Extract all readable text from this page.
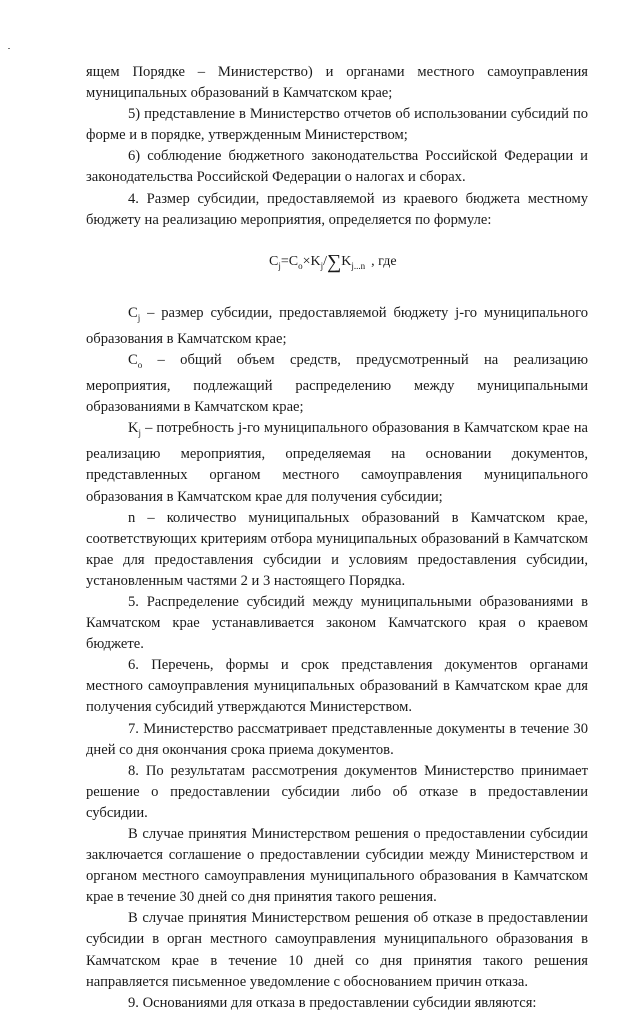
ящем Порядке – Министерство) и органами местного самоуправления муниципальных образований в Камчатском крае;

5) представление в Министерство отчетов об использовании субсидий по форме и в порядке, утвержденным Министерством;

6) соблюдение бюджетного законодательства Российской Федерации и законодательства Российской Федерации о налогах и сборах.

4. Размер субсидии, предоставляемой из краевого бюджета местному бюджету на реализацию мероприятия, определяется по формуле:

$C_j=C_o\times K_j/\sum K_{j...n}$ , где

$C_j$ – размер субсидии, предоставляемой бюджету j-го муниципального образования в Камчатском крае;

$C_o$ – общий объем средств, предусмотренный на реализацию мероприятия, подлежащий распределению между муниципальными образованиями в Камчатском крае;

$K_j$ – потребность j-го муниципального образования в Камчатском крае на реализацию мероприятия, определяемая на основании документов, представленных органом местного самоуправления муниципального образования в Камчатском крае для получения субсидии;

n – количество муниципальных образований в Камчатском крае, соответствующих критериям отбора муниципальных образований в Камчатском крае для предоставления субсидии и условиям предоставления субсидии, установленным частями 2 и 3 настоящего Порядка.

5. Распределение субсидий между муниципальными образованиями в Камчатском крае устанавливается законом Камчатского края о краевом бюджете.

6. Перечень, формы и срок представления документов органами местного самоуправления муниципальных образований в Камчатском крае для получения субсидий утверждаются Министерством.

7. Министерство рассматривает представленные документы в течение 30 дней со дня окончания срока приема документов.

8. По результатам рассмотрения документов Министерство принимает решение о предоставлении субсидии либо об отказе в предоставлении субсидии.

В случае принятия Министерством решения о предоставлении субсидии заключается соглашение о предоставлении субсидии между Министерством и органом местного самоуправления муниципального образования в Камчатском крае в течение 30 дней со дня принятия такого решения.

В случае принятия Министерством решения об отказе в предоставлении субсидии в орган местного самоуправления муниципального образования в Камчатском крае в течение 10 дней со дня принятия такого решения направляется письменное уведомление с обоснованием причин отказа.

9. Основаниями для отказа в предоставлении субсидии являются:
